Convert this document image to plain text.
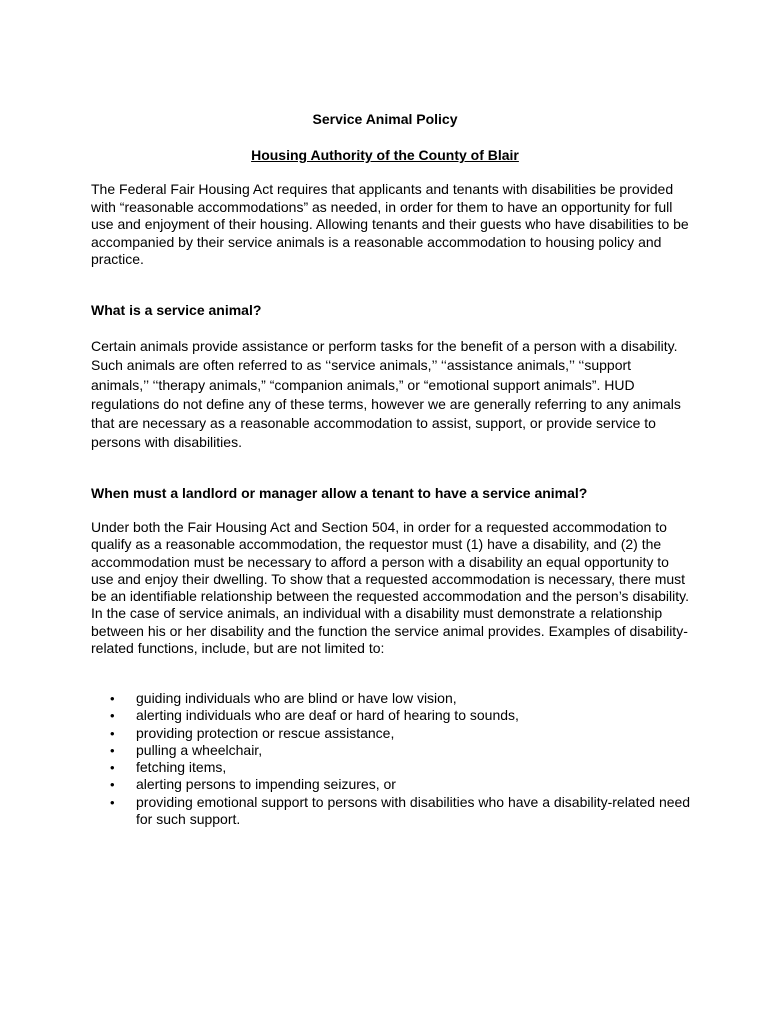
Service Animal Policy
Housing Authority of the County of Blair

The Federal Fair Housing Act requires that applicants and tenants with disabilities be provided with “reasonable accommodations” as needed, in order for them to have an opportunity for full use and enjoyment of their housing. Allowing tenants and their guests who have disabilities to be accompanied by their service animals is a reasonable accommodation to housing policy and practice.

What is a service animal?

Certain animals provide assistance or perform tasks for the benefit of a person with a disability. Such animals are often referred to as ‘‘service animals,’’ ‘‘assistance animals,’’ ‘‘support animals,’’ ‘‘therapy animals,” “companion animals,” or “emotional support animals”. HUD regulations do not define any of these terms, however we are generally referring to any animals that are necessary as a reasonable accommodation to assist, support, or provide service to persons with disabilities.

When must a landlord or manager allow a tenant to have a service animal?

Under both the Fair Housing Act and Section 504, in order for a requested accommodation to qualify as a reasonable accommodation, the requestor must (1) have a disability, and (2) the accommodation must be necessary to afford a person with a disability an equal opportunity to use and enjoy their dwelling. To show that a requested accommodation is necessary, there must be an identifiable relationship between the requested accommodation and the person’s disability. In the case of service animals, an individual with a disability must demonstrate a relationship between his or her disability and the function the service animal provides. Examples of disability-related functions, include, but are not limited to:

• guiding individuals who are blind or have low vision,
• alerting individuals who are deaf or hard of hearing to sounds,
• providing protection or rescue assistance,
• pulling a wheelchair,
• fetching items,
• alerting persons to impending seizures, or
• providing emotional support to persons with disabilities who have a disability-related need for such support.
